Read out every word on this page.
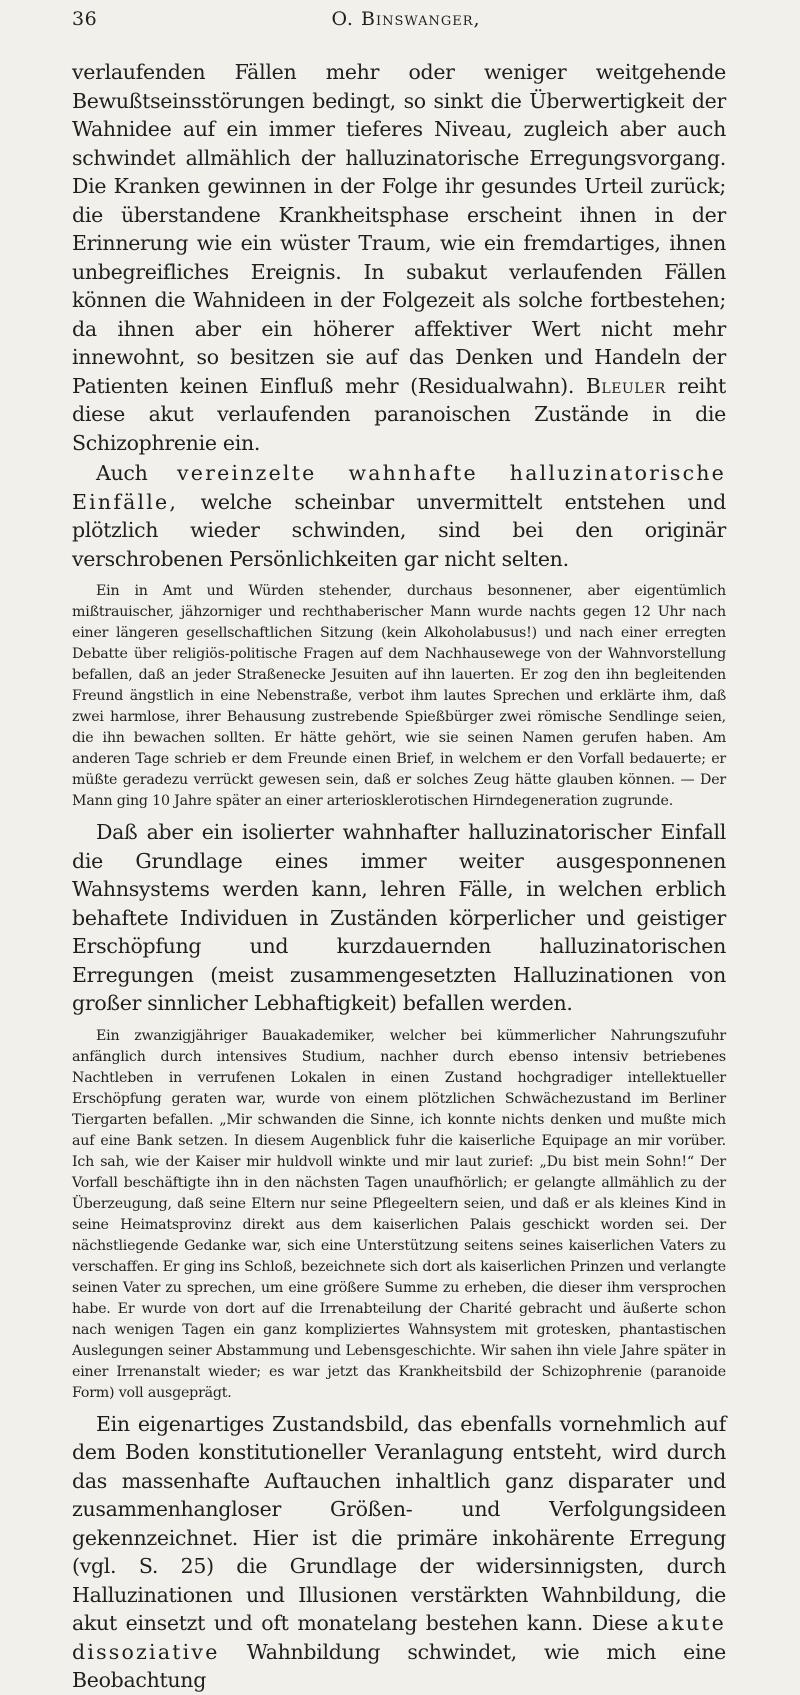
36	O. Binswanger,

verlaufenden Fällen mehr oder weniger weitgehende Bewußtseinsstörungen bedingt, so sinkt die Überwertigkeit der Wahnidee auf ein immer tieferes Niveau, zugleich aber auch schwindet allmählich der halluzinatorische Erregungsvorgang. Die Kranken gewinnen in der Folge ihr gesundes Urteil zurück; die überstandene Krankheitsphase erscheint ihnen in der Erinnerung wie ein wüster Traum, wie ein fremdartiges, ihnen unbegreifliches Ereignis. In subakut verlaufenden Fällen können die Wahnideen in der Folgezeit als solche fortbestehen; da ihnen aber ein höherer affektiver Wert nicht mehr innewohnt, so besitzen sie auf das Denken und Handeln der Patienten keinen Einfluß mehr (Residualwahn). Bleuler reiht diese akut verlaufenden paranoischen Zustände in die Schizophrenie ein.

Auch vereinzelte wahnhafte halluzinatorische Einfälle, welche scheinbar unvermittelt entstehen und plötzlich wieder schwinden, sind bei den originär verschrobenen Persönlichkeiten gar nicht selten.

Ein in Amt und Würden stehender, durchaus besonnener, aber eigentümlich mißtrauischer, jähzorniger und rechthaberischer Mann wurde nachts gegen 12 Uhr nach einer längeren gesellschaftlichen Sitzung (kein Alkoholabusus!) und nach einer erregten Debatte über religiös-politische Fragen auf dem Nachhausewege von der Wahnvorstellung befallen, daß an jeder Straßenecke Jesuiten auf ihn lauerten. Er zog den ihn begleitenden Freund ängstlich in eine Nebenstraße, verbot ihm lautes Sprechen und erklärte ihm, daß zwei harmlose, ihrer Behausung zustrebende Spießbürger zwei römische Sendlinge seien, die ihn bewachen sollten. Er hätte gehört, wie sie seinen Namen gerufen haben. Am anderen Tage schrieb er dem Freunde einen Brief, in welchem er den Vorfall bedauerte; er müßte geradezu verrückt gewesen sein, daß er solches Zeug hätte glauben können. — Der Mann ging 10 Jahre später an einer arteriosklerotischen Hirndegeneration zugrunde.

Daß aber ein isolierter wahnhafter halluzinatorischer Einfall die Grundlage eines immer weiter ausgesponnenen Wahnsystems werden kann, lehren Fälle, in welchen erblich behaftete Individuen in Zuständen körperlicher und geistiger Erschöpfung und kurzdauernden halluzinatorischen Erregungen (meist zusammengesetzten Halluzinationen von großer sinnlicher Lebhaftigkeit) befallen werden.

Ein zwanzigjähriger Bauakademiker, welcher bei kümmerlicher Nahrungszufuhr anfänglich durch intensives Studium, nachher durch ebenso intensiv betriebenes Nachtleben in verrufenen Lokalen in einen Zustand hochgradiger intellektueller Erschöpfung geraten war, wurde von einem plötzlichen Schwächezustand im Berliner Tiergarten befallen. „Mir schwanden die Sinne, ich konnte nichts denken und mußte mich auf eine Bank setzen. In diesem Augenblick fuhr die kaiserliche Equipage an mir vorüber. Ich sah, wie der Kaiser mir huldvoll winkte und mir laut zurief: „Du bist mein Sohn!“ Der Vorfall beschäftigte ihn in den nächsten Tagen unaufhörlich; er gelangte allmählich zu der Überzeugung, daß seine Eltern nur seine Pflegeeltern seien, und daß er als kleines Kind in seine Heimatsprovinz direkt aus dem kaiserlichen Palais geschickt worden sei. Der nächstliegende Gedanke war, sich eine Unterstützung seitens seines kaiserlichen Vaters zu verschaffen. Er ging ins Schloß, bezeichnete sich dort als kaiserlichen Prinzen und verlangte seinen Vater zu sprechen, um eine größere Summe zu erheben, die dieser ihm versprochen habe. Er wurde von dort auf die Irrenabteilung der Charité gebracht und äußerte schon nach wenigen Tagen ein ganz kompliziertes Wahnsystem mit grotesken, phantastischen Auslegungen seiner Abstammung und Lebensgeschichte. Wir sahen ihn viele Jahre später in einer Irrenanstalt wieder; es war jetzt das Krankheitsbild der Schizophrenie (paranoide Form) voll ausgeprägt.

Ein eigenartiges Zustandsbild, das ebenfalls vornehmlich auf dem Boden konstitutioneller Veranlagung entsteht, wird durch das massenhafte Auftauchen inhaltlich ganz disparater und zusammenhangloser Größen- und Verfolgungsideen gekennzeichnet. Hier ist die primäre inkohärente Erregung (vgl. S. 25) die Grundlage der widersinnigsten, durch Halluzinationen und Illusionen verstärkten Wahnbildung, die akut einsetzt und oft monatelang bestehen kann. Diese akute dissoziative Wahnbildung schwindet, wie mich eine Beobachtung
